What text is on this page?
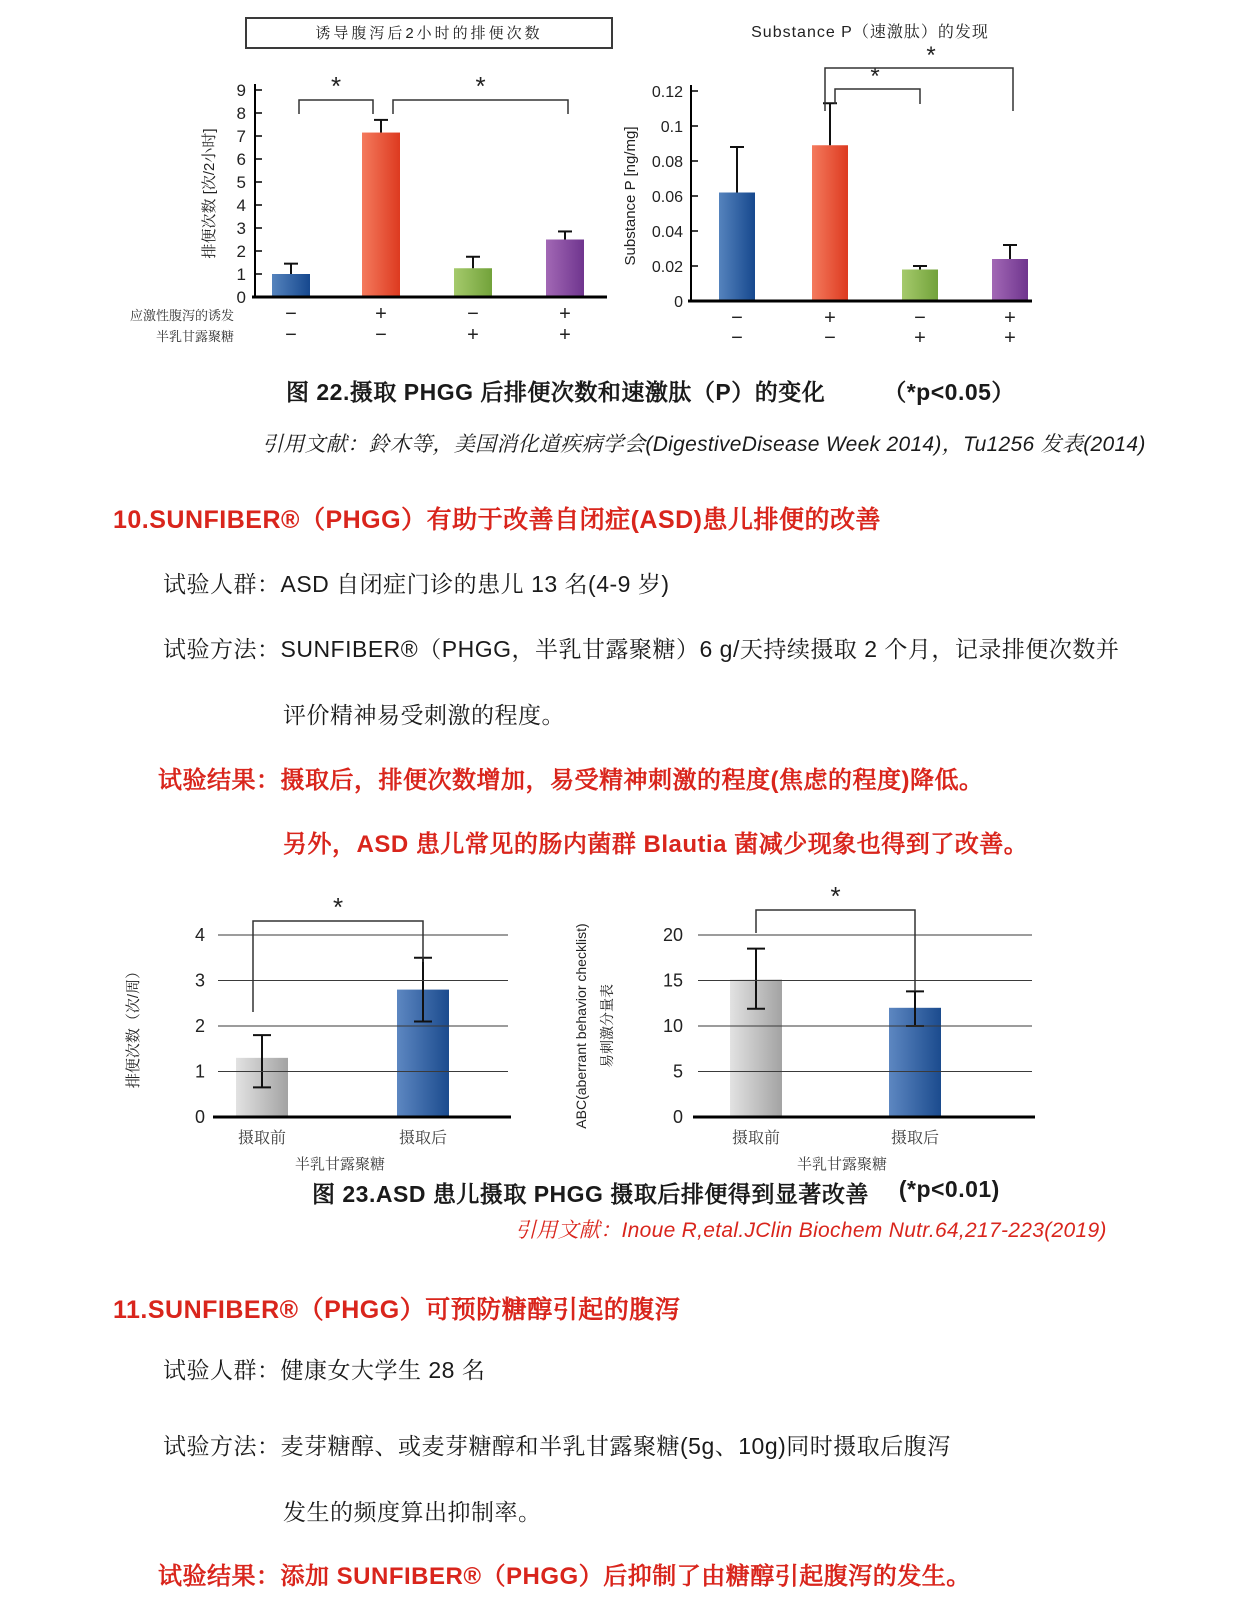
诱导腹泻后2小时的排便次数
0
1
2
3
4
5
6
7
8
9	*	*
−	+	−	+
应激性腹泻的诱发
−	−	+	+
半乳甘露聚糖
排便次数 [次/2小时]
Substance P（速激肽）的发现
0
0.02
0.04
0.06
0.08
0.1
0.12
*
*
−	+	−	+
−	−	+	+
Substance P [ng/mg]
图 22.摄取 PHGG 后排便次数和速激肽（P）的变化	（*p<0.05）
引用文献：鈴木等，美国消化道疾病学会(DigestiveDisease Week 2014)，Tu1256 发表(2014)
10.SUNFIBER®（PHGG）有助于改善自闭症(ASD)患儿排便的改善
试验人群：ASD 自闭症门诊的患儿 13 名(4-9 岁)
试验方法：SUNFIBER®（PHGG，半乳甘露聚糖）6 g/天持续摄取 2 个月，记录排便次数并
评价精神易受刺激的程度。
试验结果：摄取后，排便次数增加，易受精神刺激的程度(焦虑的程度)降低。
另外，ASD 患儿常见的肠内菌群 Blautia 菌减少现象也得到了改善。
0
1
2
3
4
*
摄取前	摄取后
半乳甘露聚糖
排便次数（次/周）
0
5
10
15
20
*
摄取前	摄取后
半乳甘露聚糖
ABC(aberrant behavior checklist) 易刺激分量表
图 23.ASD 患儿摄取 PHGG 摄取后排便得到显著改善 (*p<0.01)
引用文献：Inoue R,etal.JClin Biochem Nutr.64,217-223(2019)
11.SUNFIBER®（PHGG）可预防糖醇引起的腹泻
试验人群：健康女大学生 28 名
试验方法：麦芽糖醇、或麦芽糖醇和半乳甘露聚糖(5g、10g)同时摄取后腹泻
发生的频度算出抑制率。
试验结果：添加 SUNFIBER®（PHGG）后抑制了由糖醇引起腹泻的发生。
